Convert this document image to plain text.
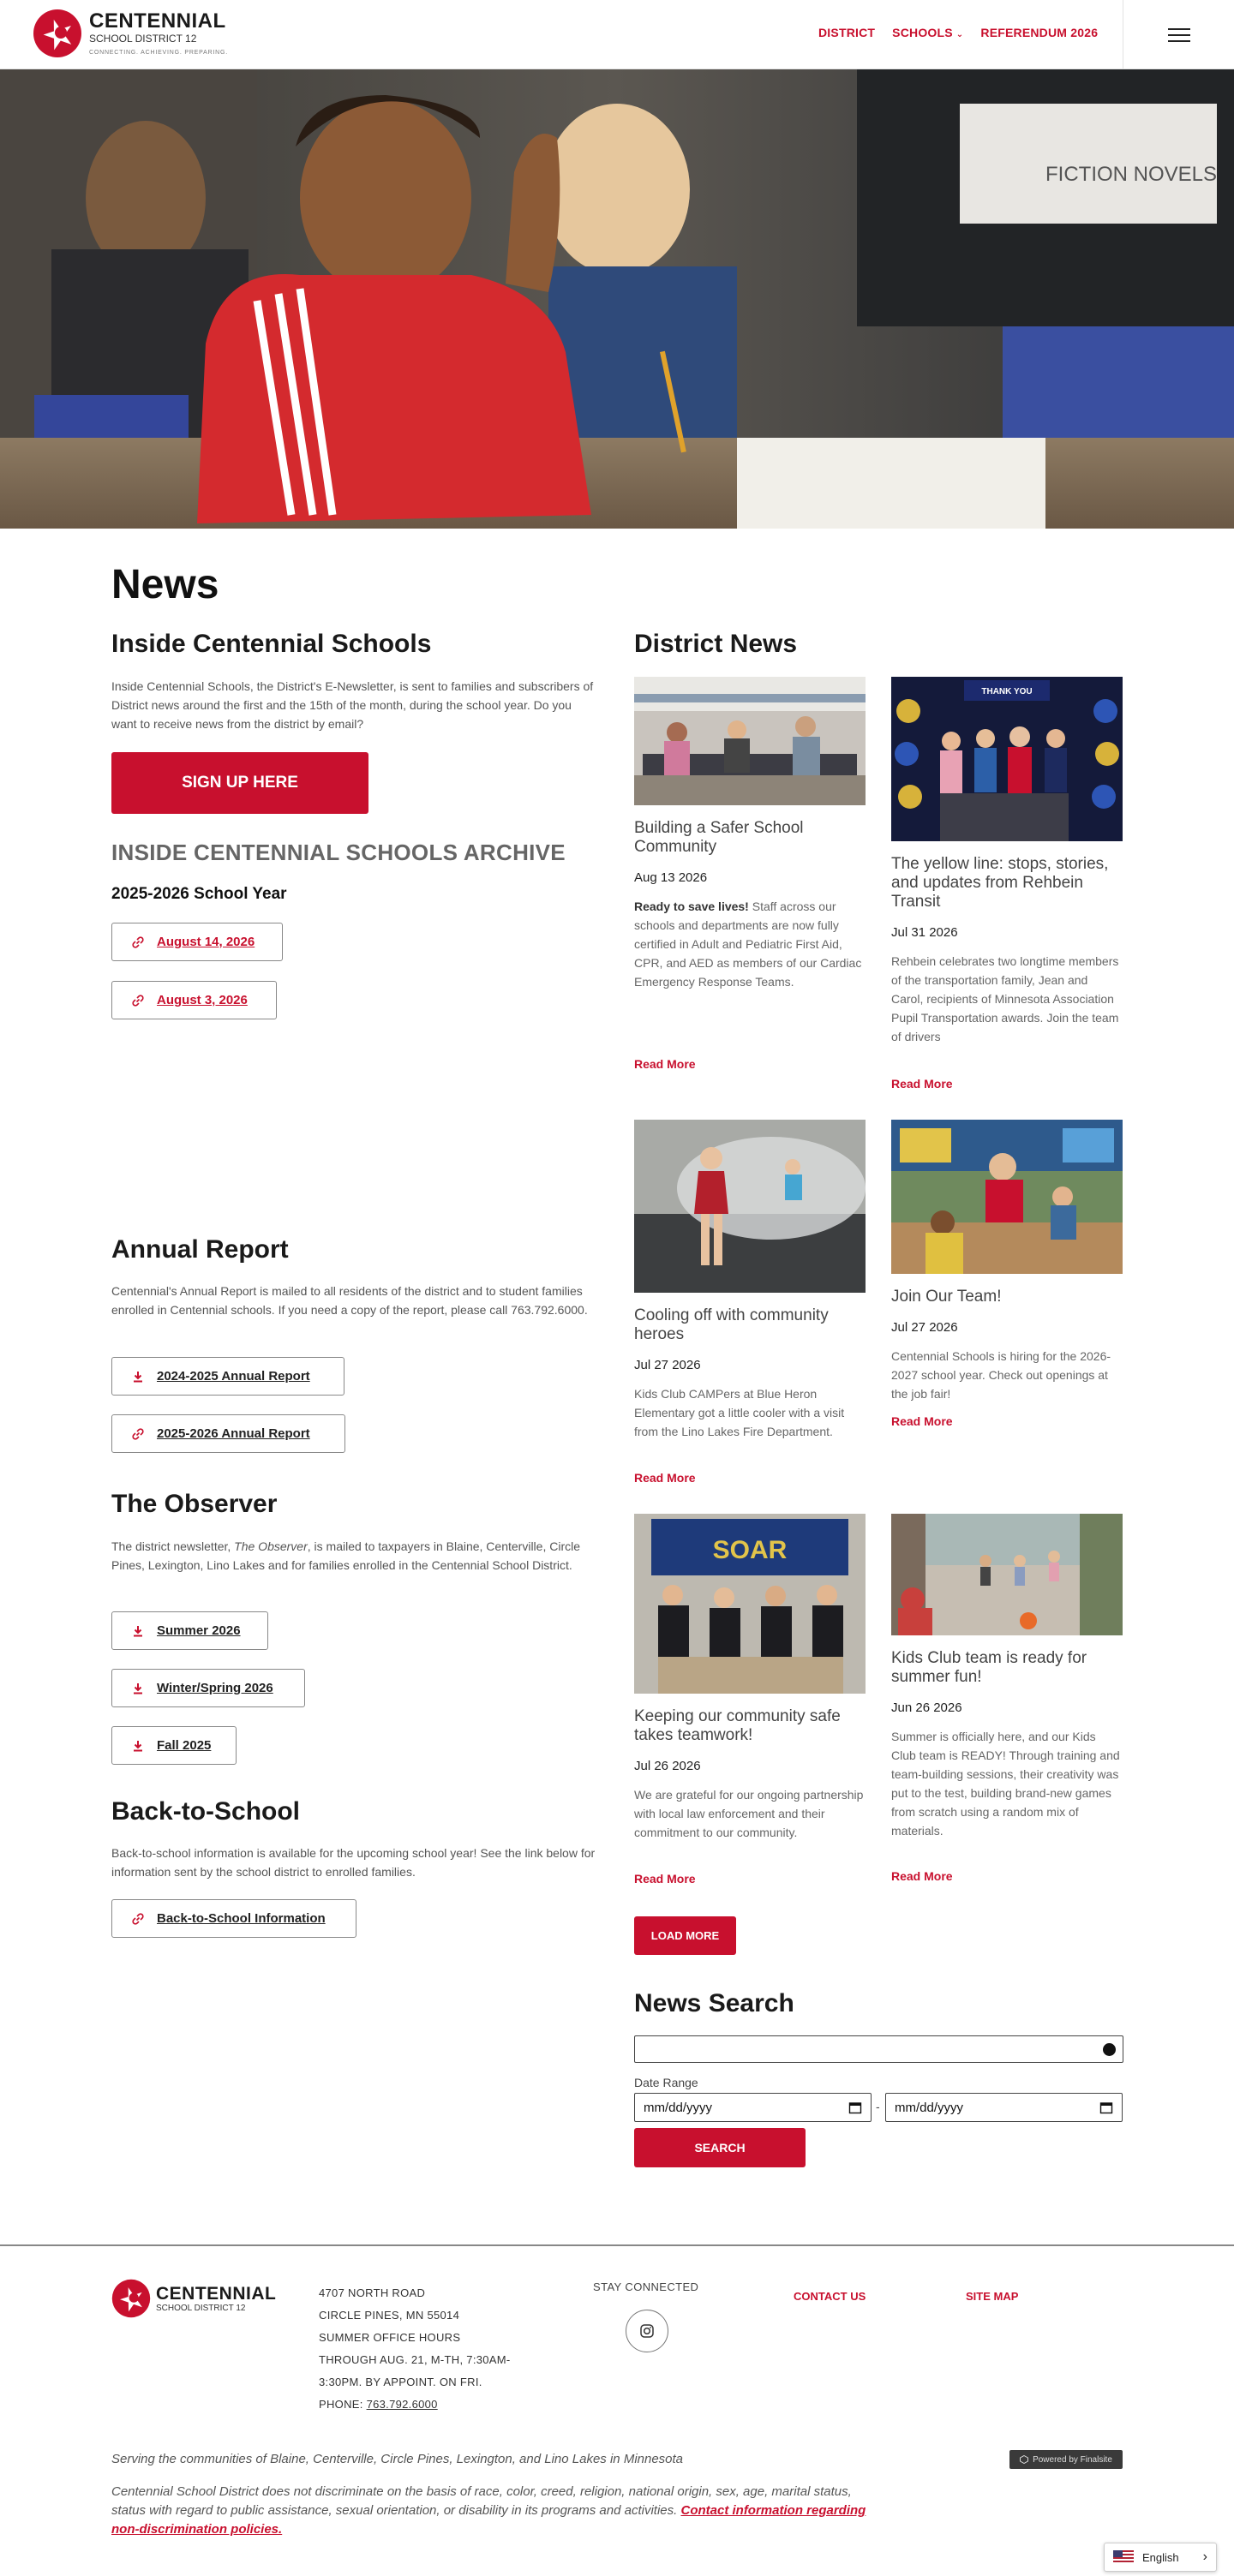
CENTENNIAL
SCHOOL DISTRICT 12
CONNECTING. ACHIEVING. PREPARING.
DISTRICT SCHOOLS ⌄ REFERENDUM 2026
FICTION NOVELS
News
Inside Centennial Schools

Inside Centennial Schools, the District's E-Newsletter, is sent to families and subscribers of District news around the first and the 15th of the month, during the school year. Do you want to receive news from the district by email?

SIGN UP HERE
INSIDE CENTENNIAL SCHOOLS ARCHIVE
2025-2026 School Year
August 14, 2026
August 3, 2026
Annual Report

Centennial's Annual Report is mailed to all residents of the district and to student families enrolled in Centennial schools. If you need a copy of the report, please call 763.792.6000.

2024-2025 Annual Report
2025-2026 Annual Report
The Observer

The district newsletter, The Observer, is mailed to taxpayers in Blaine, Centerville, Circle Pines, Lexington, Lino Lakes and for families enrolled in the Centennial School District.

Summer 2026
Winter/Spring 2026
Fall 2025
Back-to-School

Back-to-school information is available for the upcoming school year! See the link below for information sent by the school district to enrolled families.

Back-to-School Information
District News
Building a Safer School Community
Aug 13 2026
Ready to save lives! Staff across our schools and departments are now fully certified in Adult and Pediatric First Aid, CPR, and AED as members of our Cardiac Emergency Response Teams.
Read More
THANK YOU
The yellow line: stops, stories, and updates from Rehbein Transit
Jul 31 2026
Rehbein celebrates two longtime members of the transportation family, Jean and Carol, recipients of Minnesota Association Pupil Transportation awards. Join the team of drivers
Read More
Cooling off with community heroes
Jul 27 2026
Kids Club CAMPers at Blue Heron Elementary got a little cooler with a visit from the Lino Lakes Fire Department.
Read More
Join Our Team!
Jul 27 2026
Centennial Schools is hiring for the 2026-2027 school year. Check out openings at the job fair!
Read More
SOAR
Keeping our community safe takes teamwork!
Jul 26 2026
We are grateful for our ongoing partnership with local law enforcement and their commitment to our community.
Read More
Kids Club team is ready for summer fun!
Jun 26 2026
Summer is officially here, and our Kids Club team is READY! Through training and team-building sessions, their creativity was put to the test, building brand-new games from scratch using a random mix of materials.
Read More
LOAD MORE
News Search
Date Range
mm/dd/yyyy	- mm/dd/yyyy
SEARCH
CENTENNIAL
SCHOOL DISTRICT 12
4707 NORTH ROAD
CIRCLE PINES, MN 55014
SUMMER OFFICE HOURS
THROUGH AUG. 21, M-TH, 7:30AM-
3:30PM. BY APPOINT. ON FRI.
PHONE: 763.792.6000
STAY CONNECTED
CONTACT US	SITE MAP
Serving the communities of Blaine, Centerville, Circle Pines, Lexington, and Lino Lakes in Minnesota	Powered by Finalsite
Centennial School District does not discriminate on the basis of race, color, creed, religion, national origin, sex, age, marital status, status with regard to public assistance, sexual orientation, or disability in its programs and activities. Contact information regarding non-discrimination policies.
English ›
